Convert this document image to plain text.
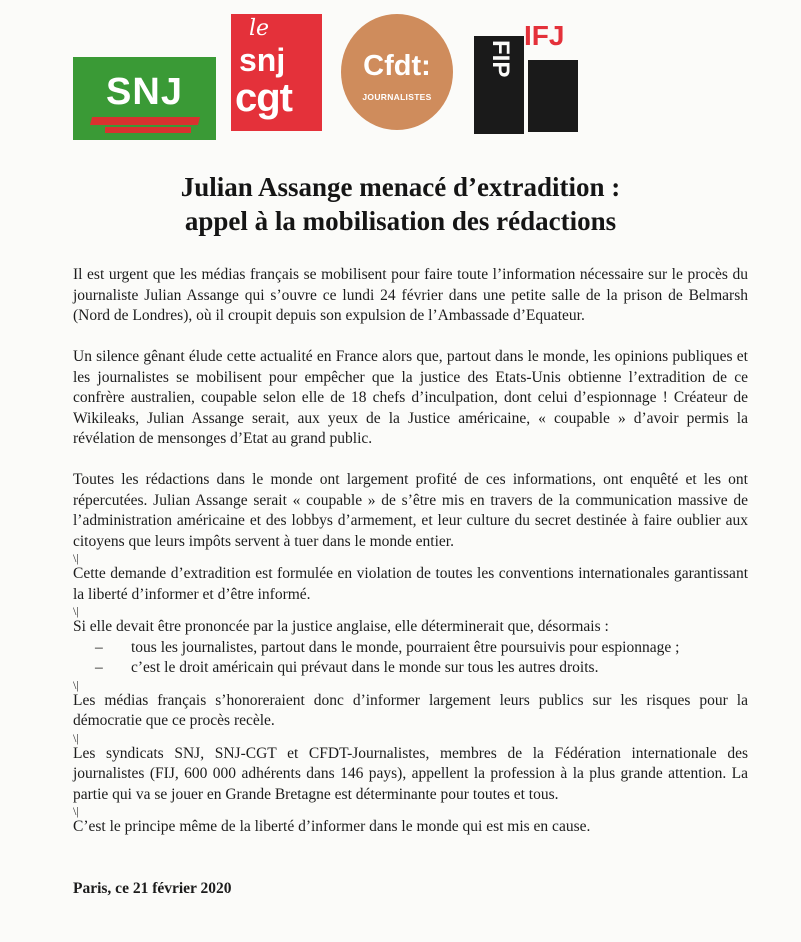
SNJ
le
snj
cgt
Cfdt:
JOURNALISTES
FIP
IFJ
Julian Assange menacé d’extradition :
appel à la mobilisation des rédactions

Il est urgent que les médias français se mobilisent pour faire toute l’information nécessaire sur le procès du journaliste Julian Assange qui s’ouvre ce lundi 24 février dans une petite salle de la prison de Belmarsh (Nord de Londres), où il croupit depuis son expulsion de l’Ambassade d’Equateur.

Un silence gênant élude cette actualité en France alors que, partout dans le monde, les opinions publiques et les journalistes se mobilisent pour empêcher que la justice des Etats-Unis obtienne l’extradition de ce confrère australien, coupable selon elle de 18 chefs d’inculpation, dont celui d’espionnage ! Créateur de Wikileaks, Julian Assange serait, aux yeux de la Justice américaine, « coupable » d’avoir permis la révélation de mensonges d’Etat au grand public.

Toutes les rédactions dans le monde ont largement profité de ces informations, ont enquêté et les ont répercutées. Julian Assange serait « coupable » de s’être mis en travers de la communication massive de l’administration américaine et des lobbys d’armement, et leur culture du secret destinée à faire oublier aux citoyens que leurs impôts servent à tuer dans le monde entier.

\|

Cette demande d’extradition est formulée en violation de toutes les conventions internationales garantissant la liberté d’informer et d’être informé.

\|

Si elle devait être prononcée par la justice anglaise, elle déterminerait que, désormais :

–	tous les journalistes, partout dans le monde, pourraient être poursuivis pour espionnage ;
–	c’est le droit américain qui prévaut dans le monde sur tous les autres droits.
\|

Les médias français s’honoreraient donc d’informer largement leurs publics sur les risques pour la démocratie que ce procès recèle.

\|

Les syndicats SNJ, SNJ-CGT et CFDT-Journalistes, membres de la Fédération internationale des journalistes (FIJ, 600 000 adhérents dans 146 pays), appellent la profession à la plus grande attention. La partie qui va se jouer en Grande Bretagne est déterminante pour toutes et tous.

\|

C’est le principe même de la liberté d’informer dans le monde qui est mis en cause.

Paris, ce 21 février 2020
